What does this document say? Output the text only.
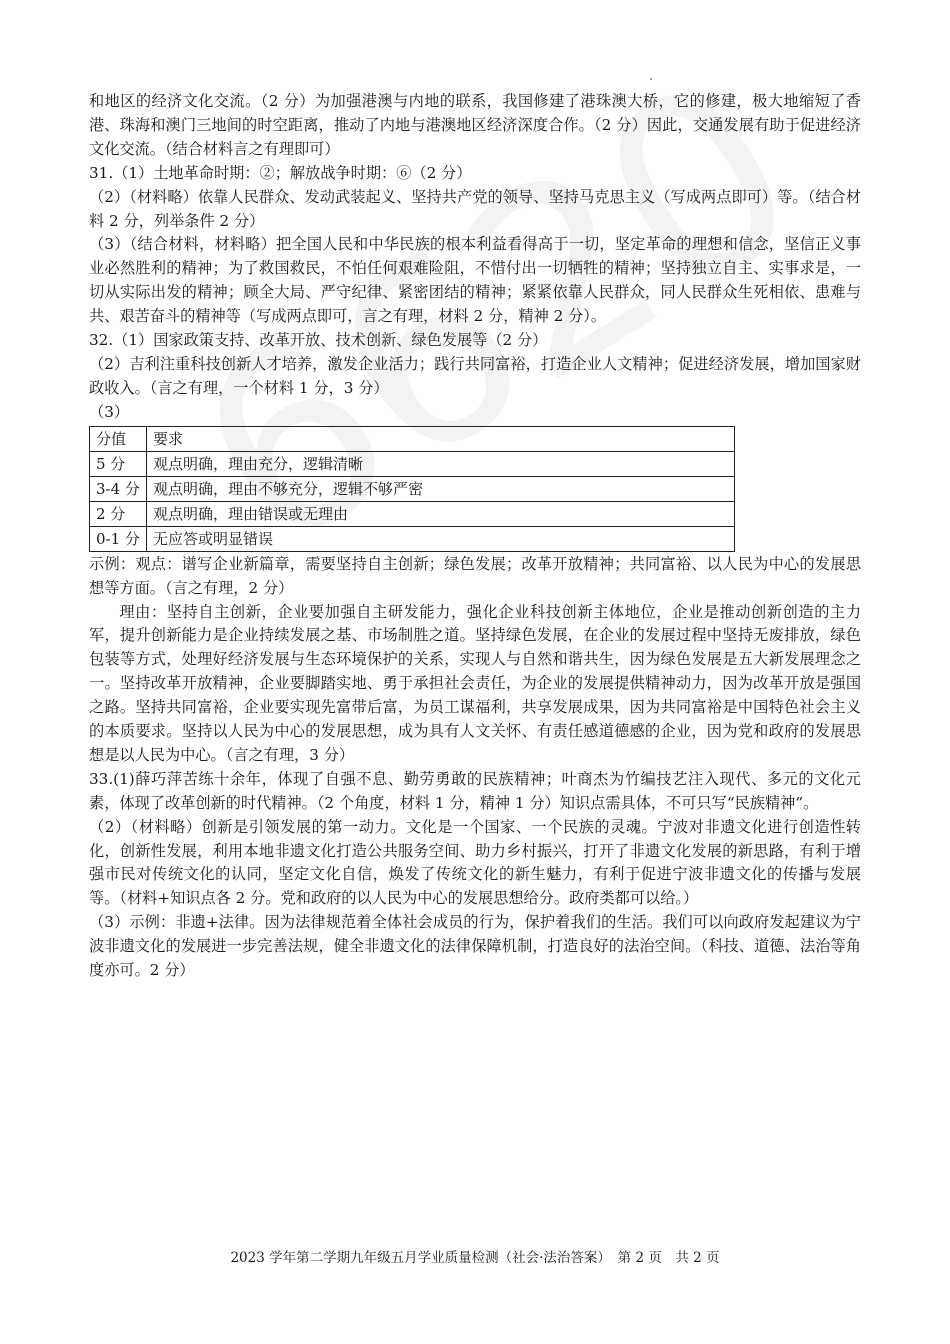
和地区的经济文化交流。（2 分）为加强港澳与内地的联系，我国修建了港珠澳大桥，它的修建，极大地缩短了香港、珠海和澳门三地间的时空距离，推动了内地与港澳地区经济深度合作。（2 分）因此，交通发展有助于促进经济文化交流。（结合材料言之有理即可）

31.（1）土地革命时期：②；解放战争时期：⑥（2 分）

（2）（材料略）依靠人民群众、发动武装起义、坚持共产党的领导、坚持马克思主义（写成两点即可）等。（结合材料 2 分，列举条件 2 分）

（3）（结合材料，材料略）把全国人民和中华民族的根本利益看得高于一切，坚定革命的理想和信念，坚信正义事业必然胜利的精神；为了救国救民，不怕任何艰难险阻，不惜付出一切牺牲的精神；坚持独立自主、实事求是，一切从实际出发的精神；顾全大局、严守纪律、紧密团结的精神；紧紧依靠人民群众，同人民群众生死相依、患难与共、艰苦奋斗的精神等（写成两点即可，言之有理，材料 2 分，精神 2 分）。

32.（1）国家政策支持、改革开放、技术创新、绿色发展等（2 分）

（2）吉利注重科技创新人才培养，激发企业活力；践行共同富裕，打造企业人文精神；促进经济发展，增加国家财政收入。（言之有理，一个材料 1 分，3 分）

（3）

分值	要求
5 分	观点明确，理由充分，逻辑清晰
3-4 分	观点明确，理由不够充分，逻辑不够严密
2 分	观点明确，理由错误或无理由
0-1 分	无应答或明显错误

示例：观点：谱写企业新篇章，需要坚持自主创新；绿色发展；改革开放精神；共同富裕、以人民为中心的发展思想等方面。（言之有理，2 分）

理由：坚持自主创新，企业要加强自主研发能力，强化企业科技创新主体地位，企业是推动创新创造的主力军，提升创新能力是企业持续发展之基、市场制胜之道。坚持绿色发展，在企业的发展过程中坚持无废排放，绿色包装等方式，处理好经济发展与生态环境保护的关系，实现人与自然和谐共生，因为绿色发展是五大新发展理念之一。坚持改革开放精神，企业要脚踏实地、勇于承担社会责任，为企业的发展提供精神动力，因为改革开放是强国之路。坚持共同富裕，企业要实现先富带后富，为员工谋福利，共享发展成果，因为共同富裕是中国特色社会主义的本质要求。坚持以人民为中心的发展思想，成为具有人文关怀、有责任感道德感的企业，因为党和政府的发展思想是以人民为中心。（言之有理，3 分）

33.(1)薛巧萍苦练十余年，体现了自强不息、勤劳勇敢的民族精神；叶商杰为竹编技艺注入现代、多元的文化元素，体现了改革创新的时代精神。（2 个角度，材料 1 分，精神 1 分）知识点需具体，不可只写“民族精神”。

（2）（材料略）创新是引领发展的第一动力。文化是一个国家、一个民族的灵魂。宁波对非遗文化进行创造性转化，创新性发展，利用本地非遗文化打造公共服务空间、助力乡村振兴，打开了非遗文化发展的新思路，有利于增强市民对传统文化的认同，坚定文化自信，焕发了传统文化的新生魅力，有利于促进宁波非遗文化的传播与发展等。（材料+知识点各 2 分。党和政府的以人民为中心的发展思想给分。政府类都可以给。）

（3）示例：非遗+法律。因为法律规范着全体社会成员的行为，保护着我们的生活。我们可以向政府发起建议为宁波非遗文化的发展进一步完善法规，健全非遗文化的法律保障机制，打造良好的法治空间。（科技、道德、法治等角度亦可。2 分）

2023 学年第二学期九年级五月学业质量检测（社会·法治答案）　第 2 页　共 2 页
